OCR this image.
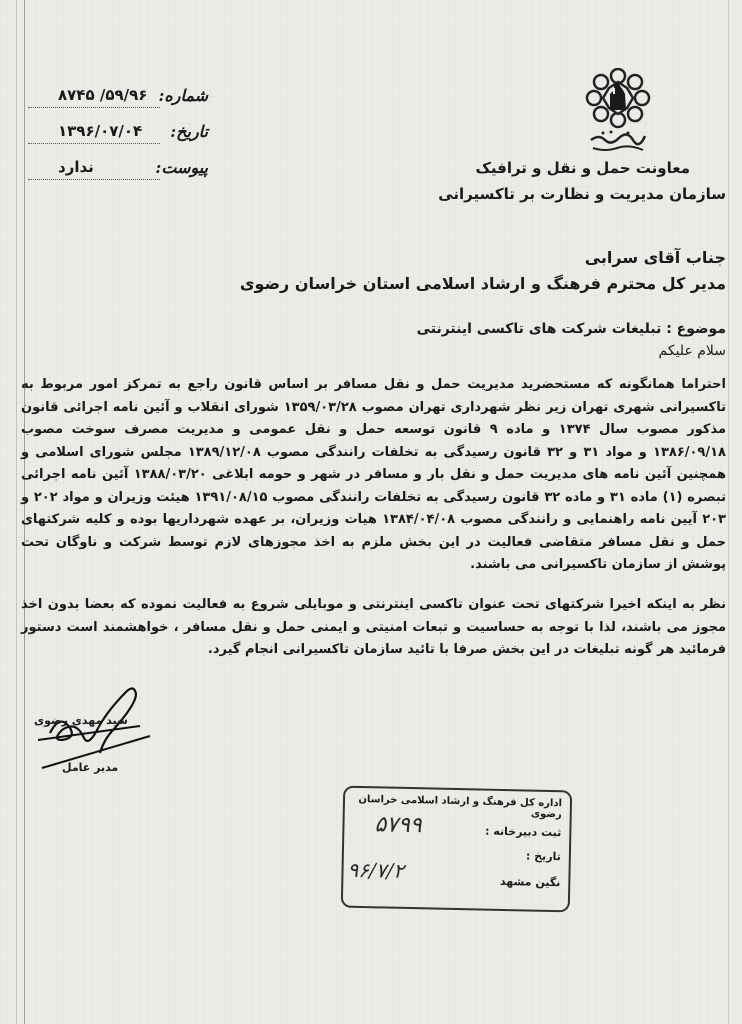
شماره:
۵۹/۹۶/ ۸۷۴۵
تاریخ:
۱۳۹۶/۰۷/۰۴
پیوست:
ندارد	معاونت حمل و نقل و ترافیک
سازمان مدیریت و نظارت بر تاکسیرانی
جناب آقای سرابی
مدیر کل محترم فرهنگ و ارشاد اسلامی استان خراسان رضوی
موضوع : تبلیغات شرکت های تاکسی اینترنتی
سلام علیکم
احتراما همانگونه که مستحضرید مدیریت حمل و نقل مسافر بر اساس قانون راجع به تمرکز امور مربوط به تاکسیرانی شهری تهران زیر نظر شهرداری تهران مصوب ۱۳۵۹/۰۳/۲۸ شورای انقلاب و آئین نامه اجرائی قانون مذکور مصوب سال ۱۳۷۴ و ماده ۹ قانون توسعه حمل و نقل عمومی و مدیریت مصرف سوخت مصوب ۱۳۸۶/۰۹/۱۸ و مواد ۳۱ و ۳۲ قانون رسیدگی به تخلفات رانندگی مصوب ۱۳۸۹/۱۲/۰۸ مجلس شورای اسلامی و همچنین آئین نامه های مدیریت حمل و نقل بار و مسافر در شهر و حومه ابلاغی ۱۳۸۸/۰۳/۲۰ آئین نامه اجرائی تبصره (۱) ماده ۳۱ و ماده ۳۲ قانون رسیدگی به تخلفات رانندگی مصوب ۱۳۹۱/۰۸/۱۵ هیئت وزیران و مواد ۲۰۲ و ۲۰۳ آیین نامه راهنمایی و رانندگی مصوب ۱۳۸۴/۰۴/۰۸ هیات وزیران، بر عهده شهرداریها بوده و کلیه شرکتهای حمل و نقل مسافر متقاضی فعالیت در این بخش ملزم به اخذ مجوزهای لازم توسط شرکت و ناوگان تحت پوشش از سازمان تاکسیرانی می باشند.
نظر به اینکه اخیرا شرکتهای تحت عنوان تاکسی اینترنتی و موبایلی شروع به فعالیت نموده که بعضا بدون اخذ مجوز می باشند، لذا با توجه به حساسیت و تبعات امنیتی و ایمنی حمل و نقل مسافر ، خواهشمند است دستور فرمائید هر گونه تبلیغات در این بخش صرفا با تائید سازمان تاکسیرانی انجام گیرد.
سید مهدی رضوی
مدیر عامل
اداره کل فرهنگ و ارشاد اسلامی خراسان رضوی
ثبت دبیرخانه :
تاریخ :
نگین مشهد
۵۷۹۹
۹۶/۷/۲
